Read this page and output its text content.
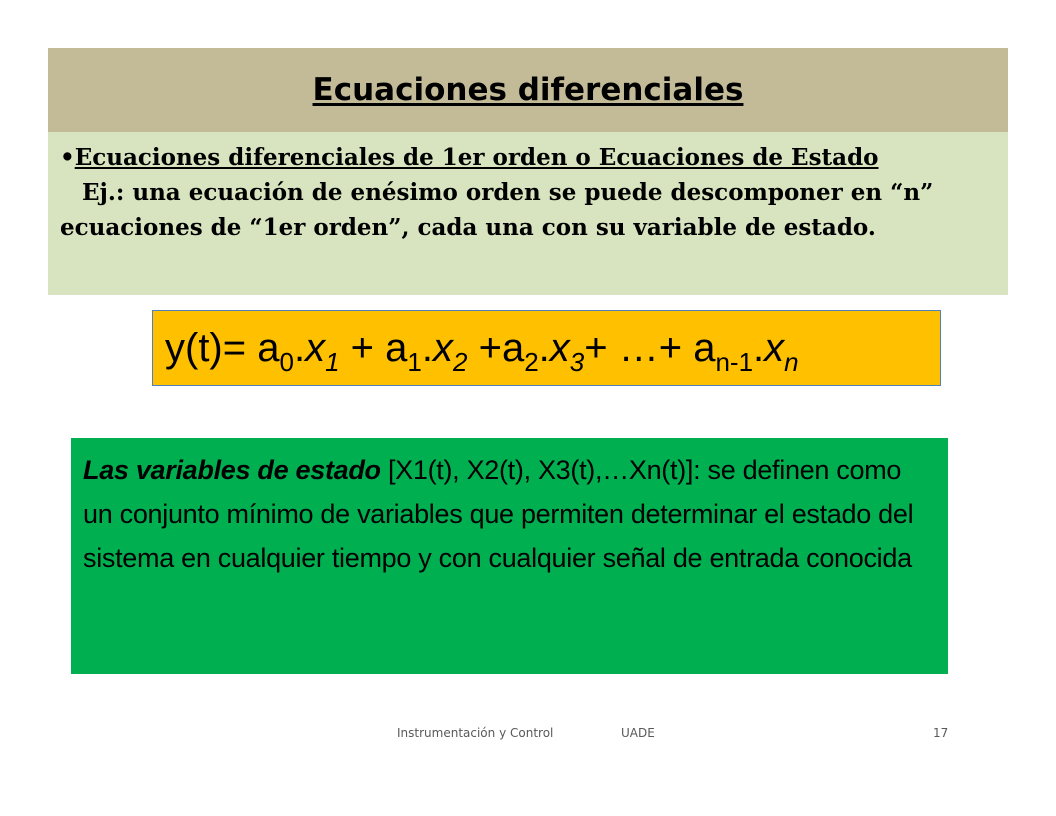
Ecuaciones diferenciales

•Ecuaciones diferenciales de 1er orden o Ecuaciones de Estado

Ej.: una ecuación de enésimo orden se puede descomponer en “n” ecuaciones de “1er orden”, cada una con su variable de estado.

$y(t)= a_0.x_1 + a_1.x_2 +a_2.x_3+$ …+ $a_{n-1}.x_n$
Las variables de estado [X1(t), X2(t), X3(t),…Xn(t)]: se definen como un conjunto mínimo de variables que permiten determinar el estado del sistema en cualquier tiempo y con cualquier señal de entrada conocida
Instrumentación y Control	UADE	17
